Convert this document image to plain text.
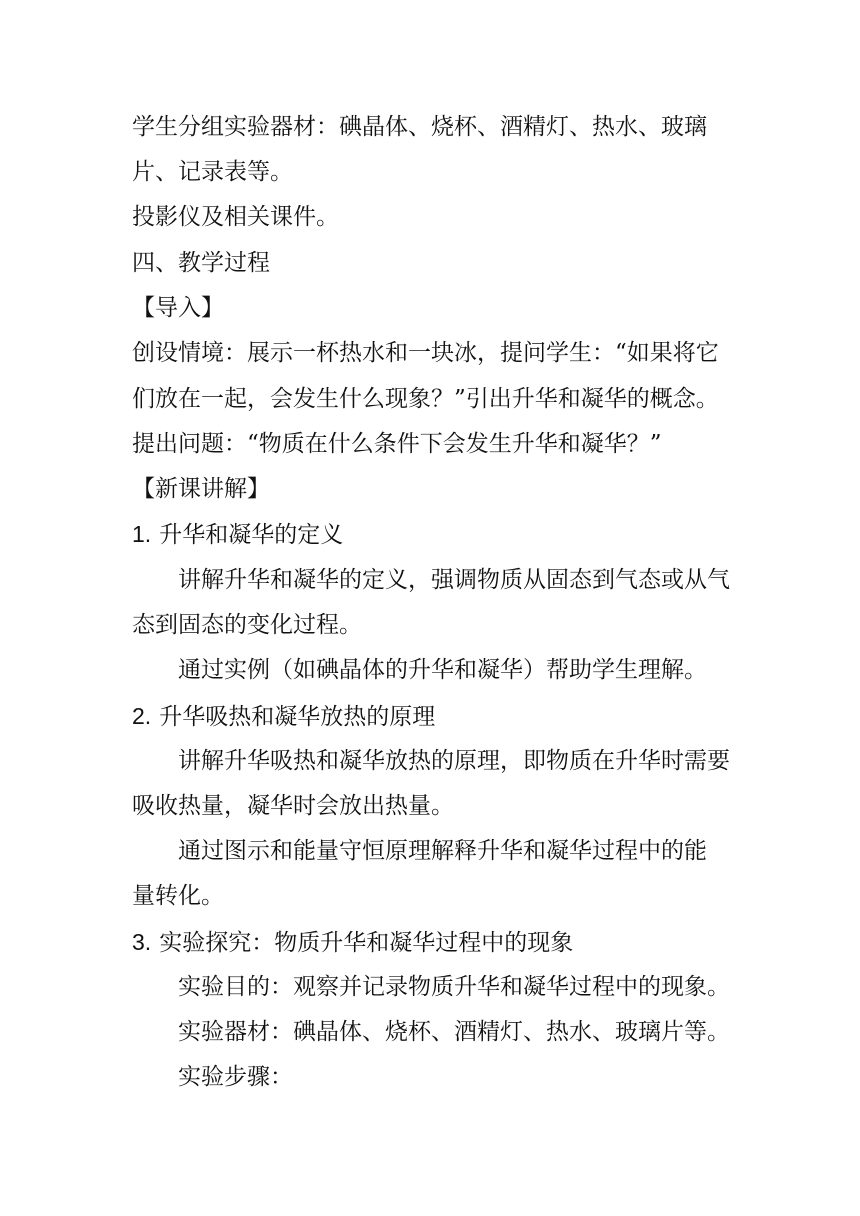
学生分组实验器材：碘晶体、烧杯、酒精灯、热水、玻璃
片、记录表等。
投影仪及相关课件。
四、教学过程
【导入】
创设情境：展示一杯热水和一块冰，提问学生：“如果将它
们放在一起，会发生什么现象？”引出升华和凝华的概念。
提出问题：“物质在什么条件下会发生升华和凝华？”
【新课讲解】
1. 升华和凝华的定义
讲解升华和凝华的定义，强调物质从固态到气态或从气
态到固态的变化过程。
通过实例（如碘晶体的升华和凝华）帮助学生理解。
2. 升华吸热和凝华放热的原理
讲解升华吸热和凝华放热的原理，即物质在升华时需要
吸收热量，凝华时会放出热量。
通过图示和能量守恒原理解释升华和凝华过程中的能
量转化。
3. 实验探究：物质升华和凝华过程中的现象
实验目的：观察并记录物质升华和凝华过程中的现象。
实验器材：碘晶体、烧杯、酒精灯、热水、玻璃片等。
实验步骤：
